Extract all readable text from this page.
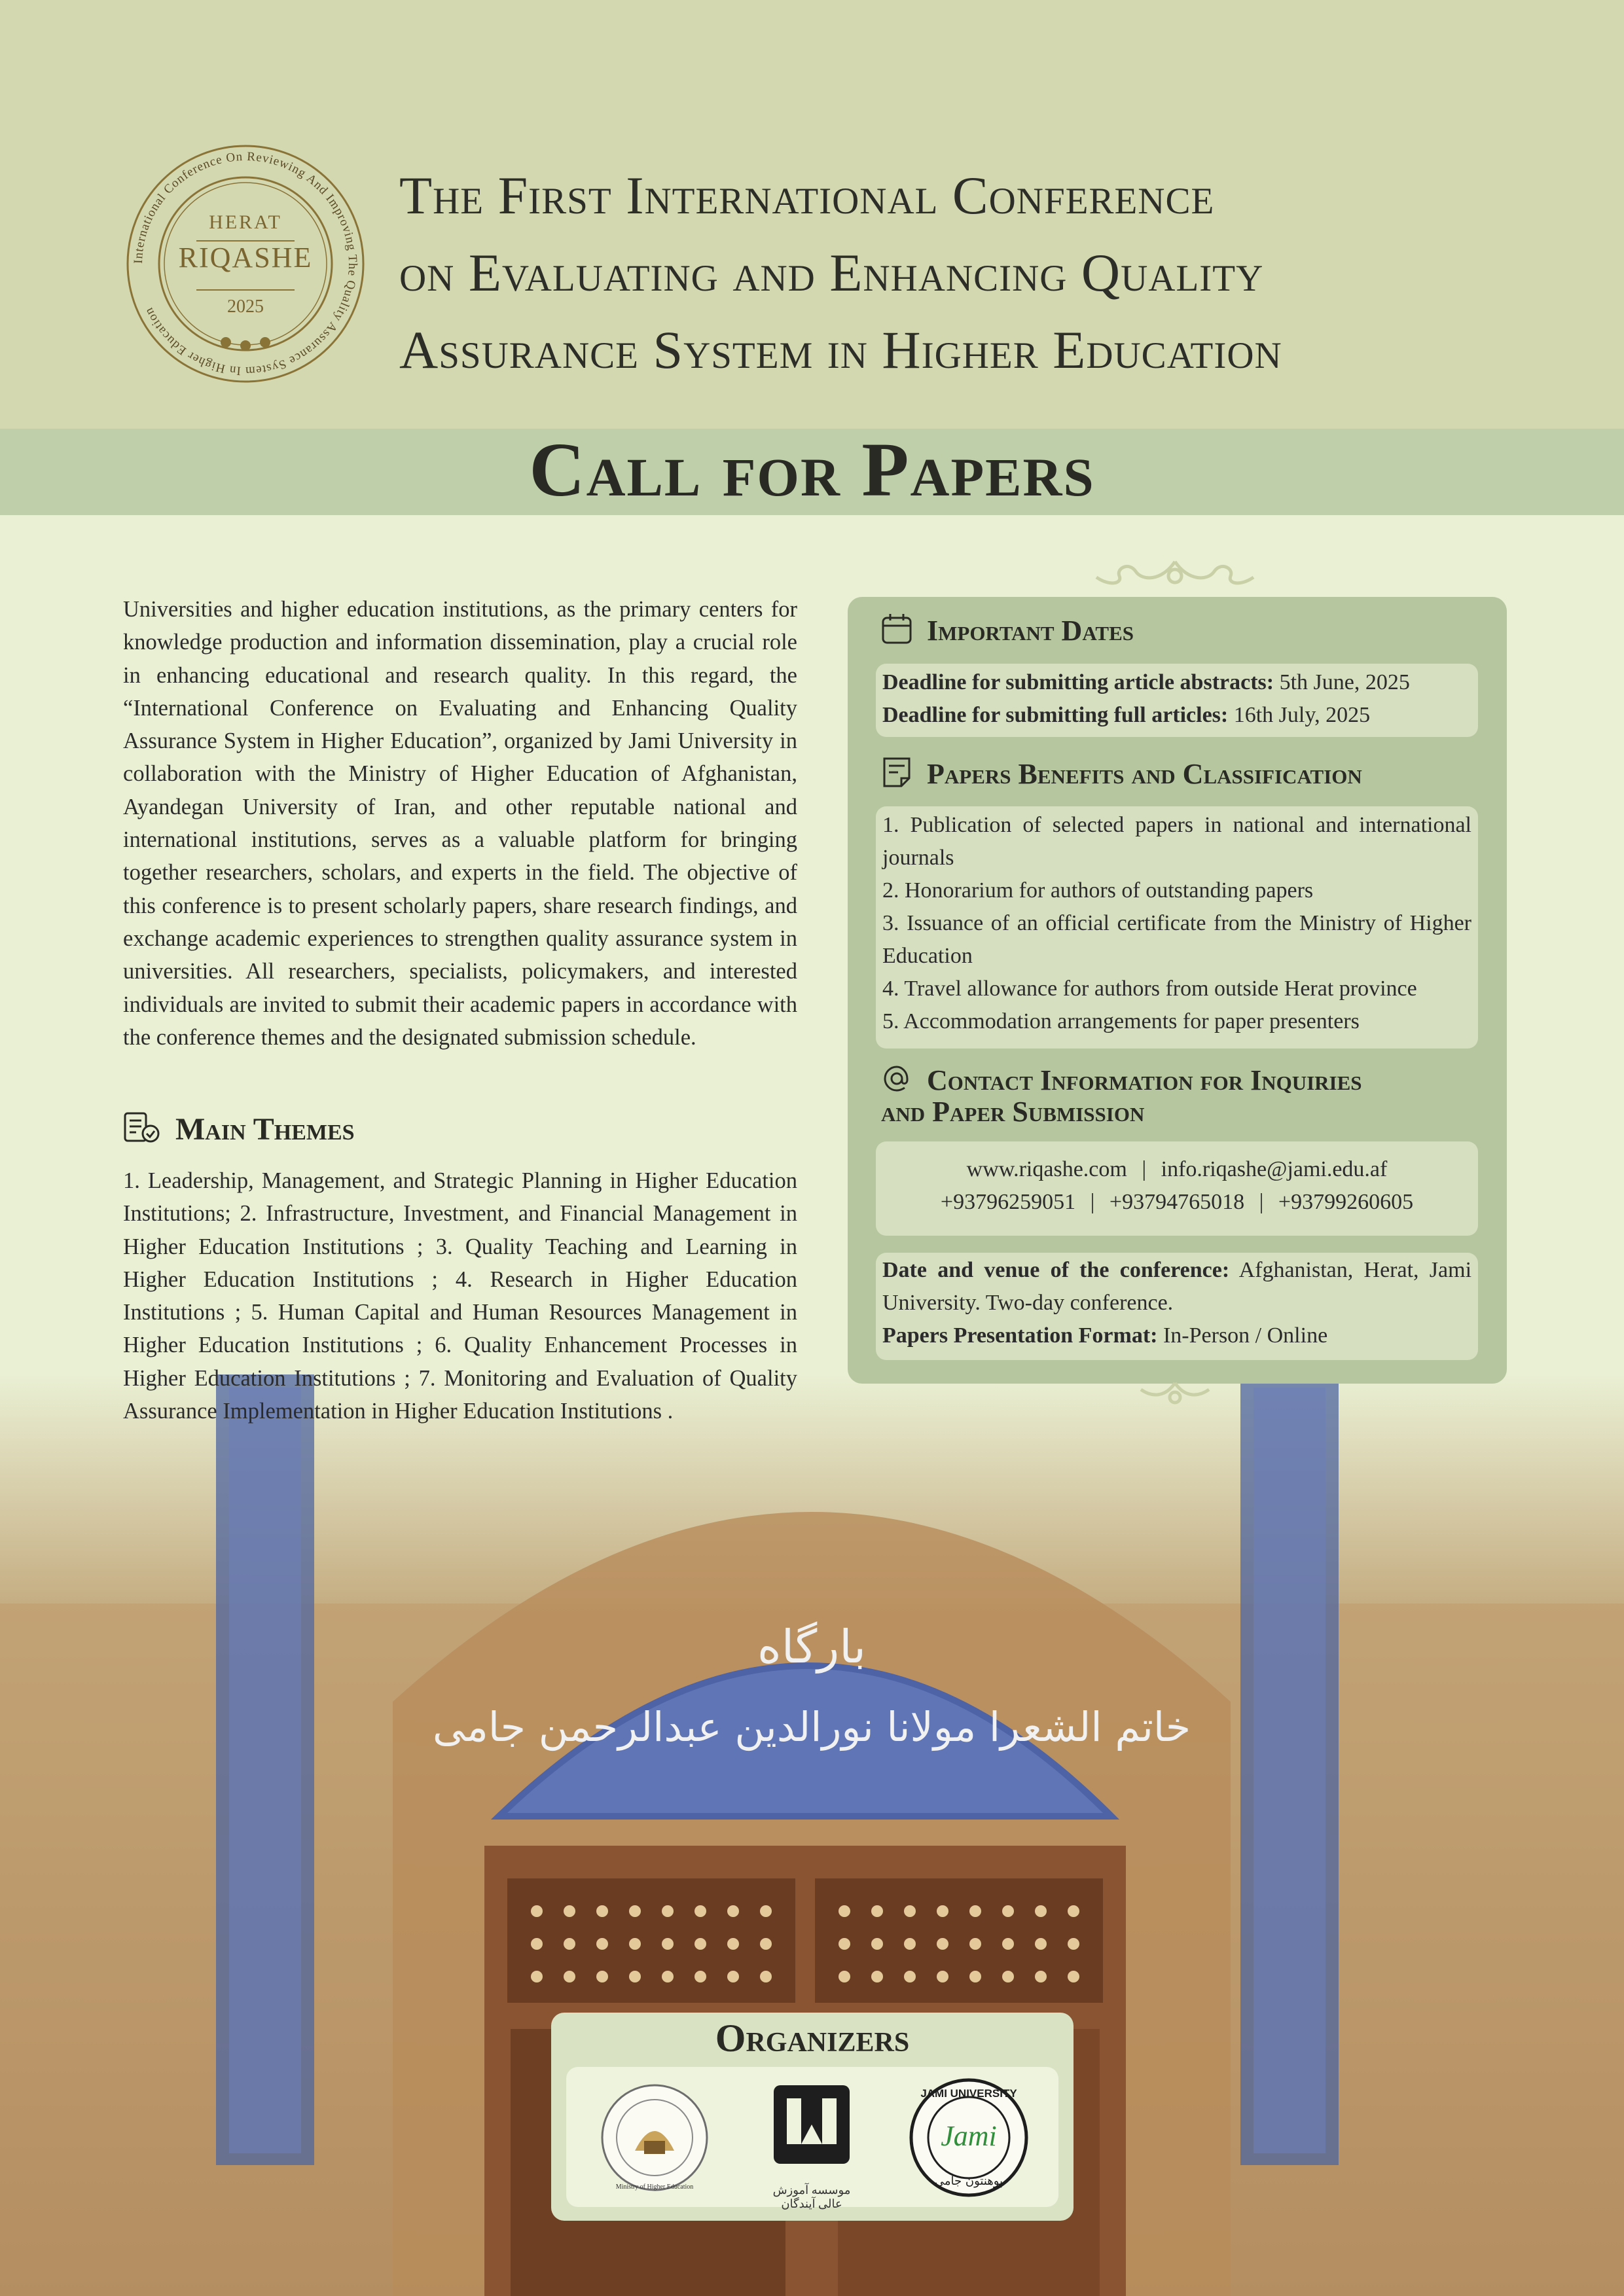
International Conference On Reviewing And Improving The Quality Assurance System In Higher Education
HERAT
RIQASHE
2025
The First International Conference
on Evaluating and Enhancing Quality
Assurance System in Higher Education
Call for Papers
بارگاه
خاتم الشعرا مولانا نورالدین عبدالرحمن جامی
Universities and higher education institutions, as the primary centers for knowledge production and information dissemination, play a crucial role in enhancing educational and research quality. In this regard, the “International Conference on Evaluating and Enhancing Quality Assurance System in Higher Education”, organized by Jami University in collaboration with the Ministry of Higher Education of Afghanistan, Ayandegan University of Iran, and other reputable national and international institutions, serves as a valuable platform for bringing together researchers, scholars, and experts in the field. The objective of this conference is to present scholarly papers, share research findings, and exchange academic experiences to strengthen quality assurance system in universities. All researchers, specialists, policymakers, and interested individuals are invited to submit their academic papers in accordance with the conference themes and the designated submission schedule.
Main Themes
1. Leadership, Management, and Strategic Planning in Higher Education Institutions; 2. Infrastructure, Investment, and Financial Management in Higher Education Institutions ; 3. Quality Teaching and Learning in Higher Education Institutions ; 4. Research in Higher Education Institutions ; 5. Human Capital and Human Resources Management in Higher Education Institutions ; 6. Quality Enhancement Processes in Higher Education Institutions ; 7. Monitoring and Evaluation of Quality Assurance Implementation in Higher Education Institutions .
Important Dates
Deadline for submitting article abstracts: 5th June, 2025
Deadline for submitting full articles: 16th July, 2025
Papers Benefits and Classification
1. Publication of selected papers in national and international journals
2. Honorarium for authors of outstanding papers
3. Issuance of an official certificate from the Ministry of Higher Education
4. Travel allowance for authors from outside Herat province
5. Accommodation arrangements for paper presenters
Contact Information for Inquiries
and Paper Submission
www.riqashe.com | info.riqashe@jami.edu.af
+93796259051 | +93794765018 | +93799260605
Date and venue of the conference: Afghanistan, Herat, Jami University. Two-day conference.
Papers Presentation Format: In-Person / Online
Organizers
Ministry of Higher Education	موسسه آموزش عالی آیندگان
JAMI UNIVERSITY
Jami
پوهنتون جامی
